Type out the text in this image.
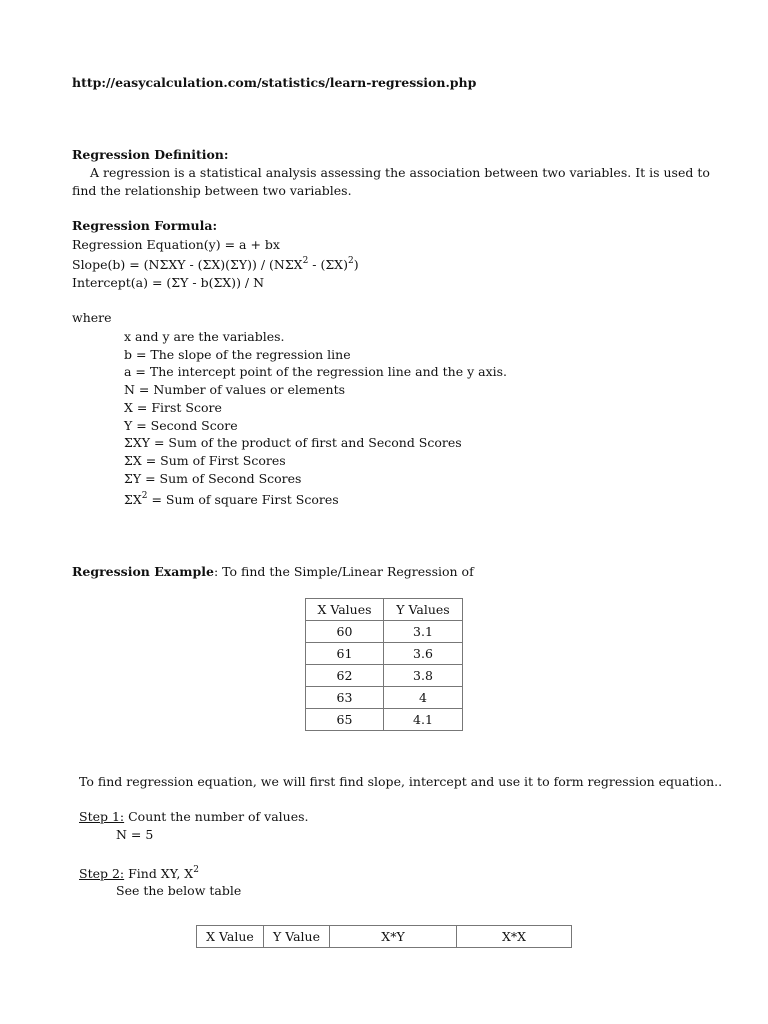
http://easycalculation.com/statistics/learn-regression.php
Regression Definition:
A regression is a statistical analysis assessing the association between two variables. It is used to
find the relationship between two variables.
Regression Formula:
Regression Equation(y) = a + bx
Slope(b) = $(N\Sigma XY - (\Sigma X)(\Sigma Y)) / (N\Sigma X^2 - (\Sigma X)^2)$
Intercept(a) = (ΣY - b(ΣX)) / N
where
x and y are the variables.
b = The slope of the regression line
a = The intercept point of the regression line and the y axis.
N = Number of values or elements
X = First Score
Y = Second Score
ΣXY = Sum of the product of first and Second Scores
ΣX = Sum of First Scores
ΣY = Sum of Second Scores
$\Sigma X^2$ = Sum of square First Scores
Regression Example: To find the Simple/Linear Regression of
X Values	Y Values
60	3.1
61	3.6
62	3.8
63	4
65	4.1
To find regression equation, we will first find slope, intercept and use it to form regression equation..
Step 1: Count the number of values.
N = 5
Step 2: Find XY, $X^2$
See the below table
X Value	Y Value	X*Y	X*X
